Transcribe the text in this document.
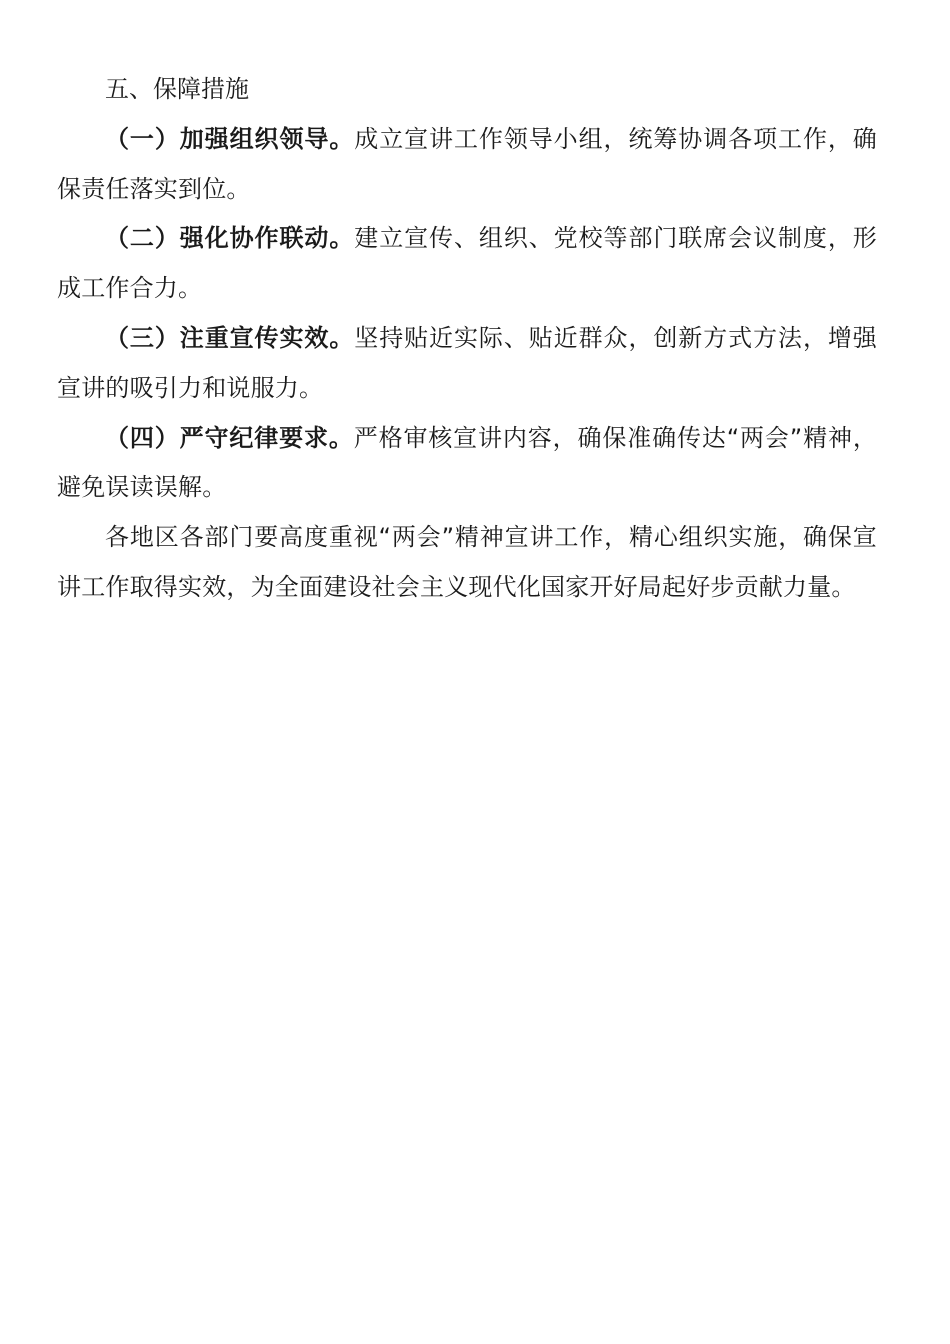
五、保障措施

（一）加强组织领导。成立宣讲工作领导小组，统筹协调各项工作，确保责任落实到位。

（二）强化协作联动。建立宣传、组织、党校等部门联席会议制度，形成工作合力。

（三）注重宣传实效。坚持贴近实际、贴近群众，创新方式方法，增强宣讲的吸引力和说服力。

（四）严守纪律要求。严格审核宣讲内容，确保准确传达“两会”精神，避免误读误解。

各地区各部门要高度重视“两会”精神宣讲工作，精心组织实施，确保宣讲工作取得实效，为全面建设社会主义现代化国家开好局起好步贡献力量。
